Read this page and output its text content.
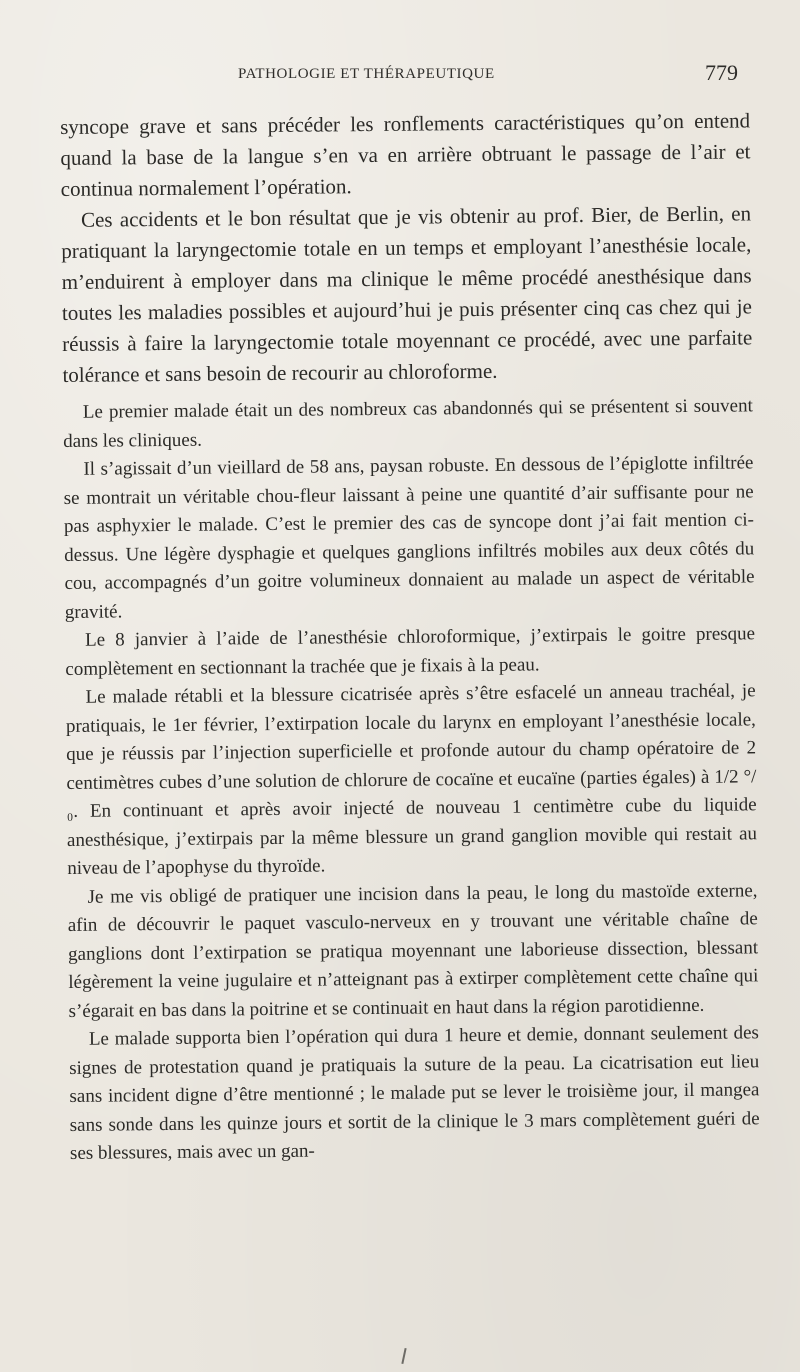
PATHOLOGIE ET THÉRAPEUTIQUE	779

syncope grave et sans précéder les ronflements caractéristiques qu’on entend quand la base de la langue s’en va en arrière obtruant le passage de l’air et continua normalement l’opération.

Ces accidents et le bon résultat que je vis obtenir au prof. Bier, de Berlin, en pratiquant la laryngectomie totale en un temps et employant l’anesthésie locale, m’enduirent à employer dans ma clinique le même procédé anesthésique dans toutes les maladies possibles et aujourd’hui je puis présenter cinq cas chez qui je réussis à faire la laryngectomie totale moyennant ce procédé, avec une parfaite tolérance et sans besoin de recourir au chloroforme.

Le premier malade était un des nombreux cas abandonnés qui se présentent si souvent dans les cliniques.

Il s’agissait d’un vieillard de 58 ans, paysan robuste. En dessous de l’épiglotte infiltrée se montrait un véritable chou-fleur laissant à peine une quantité d’air suffisante pour ne pas asphyxier le malade. C’est le premier des cas de syncope dont j’ai fait mention ci-dessus. Une légère dysphagie et quelques ganglions infiltrés mobiles aux deux côtés du cou, accompagnés d’un goitre volumineux donnaient au malade un aspect de véritable gravité.

Le 8 janvier à l’aide de l’anesthésie chloroformique, j’extirpais le goitre presque complètement en sectionnant la trachée que je fixais à la peau.

Le malade rétabli et la blessure cicatrisée après s’être esfacelé un anneau trachéal, je pratiquais, le 1er février, l’extirpation locale du larynx en employant l’anesthésie locale, que je réussis par l’injection superficielle et profonde autour du champ opératoire de 2 centimètres cubes d’une solution de chlorure de cocaïne et eucaïne (parties égales) à 1/2 °/₀. En continuant et après avoir injecté de nouveau 1 centimètre cube du liquide anesthésique, j’extirpais par la même blessure un grand ganglion movible qui restait au niveau de l’apophyse du thyroïde.

Je me vis obligé de pratiquer une incision dans la peau, le long du mastoïde externe, afin de découvrir le paquet vasculo-nerveux en y trouvant une véritable chaîne de ganglions dont l’extirpation se pratiqua moyennant une laborieuse dissection, blessant légèrement la veine jugulaire et n’atteignant pas à extirper complètement cette chaîne qui s’égarait en bas dans la poitrine et se continuait en haut dans la région parotidienne.

Le malade supporta bien l’opération qui dura 1 heure et demie, donnant seulement des signes de protestation quand je pratiquais la suture de la peau. La cicatrisation eut lieu sans incident digne d’être mentionné ; le malade put se lever le troisième jour, il mangea sans sonde dans les quinze jours et sortit de la clinique le 3 mars complètement guéri de ses blessures, mais avec un gan-
